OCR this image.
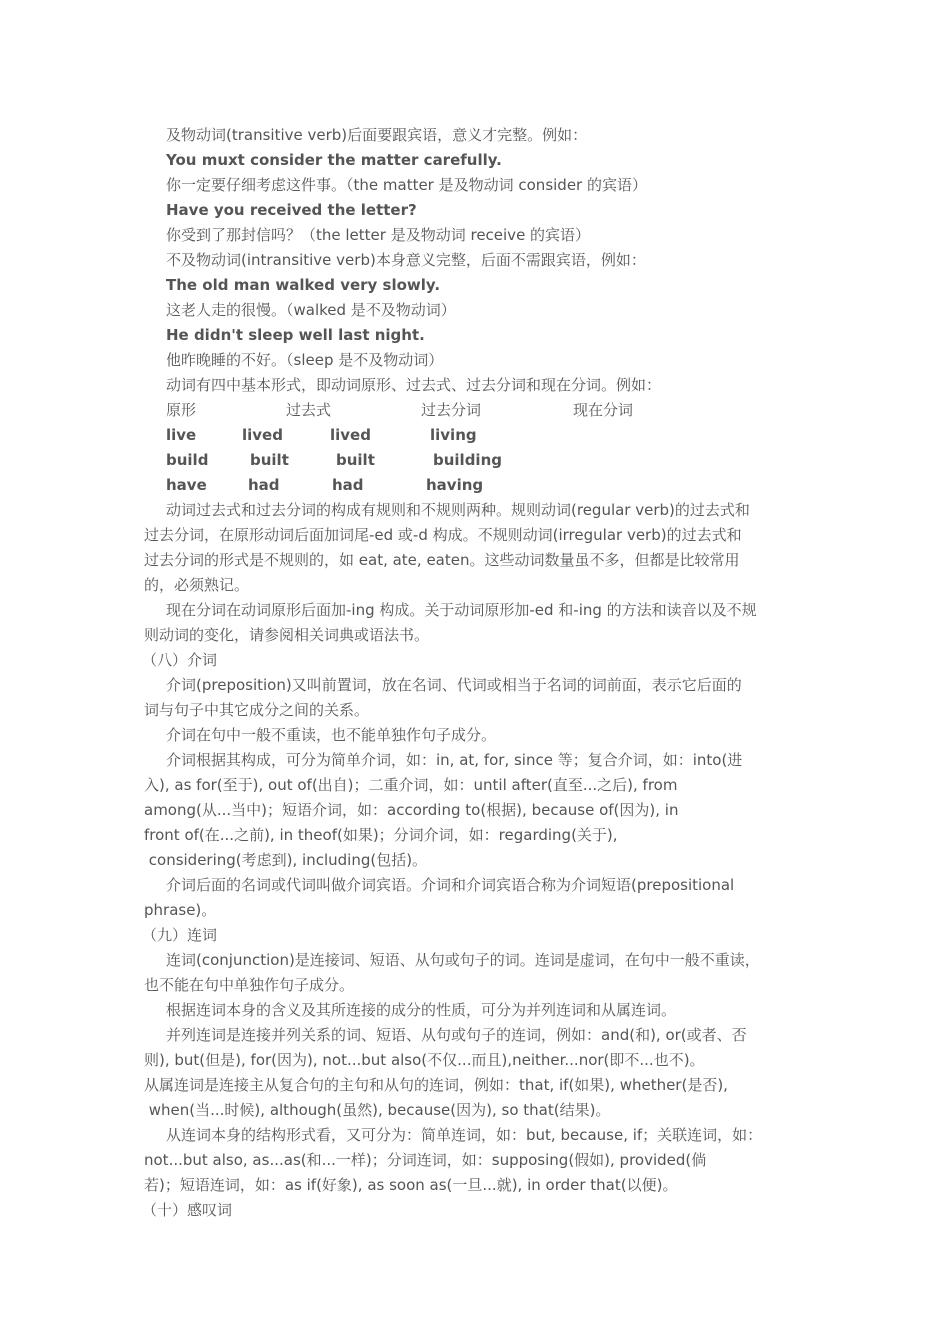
及物动词(transitive verb)后面要跟宾语，意义才完整。例如：
You muxt consider the matter carefully.
你一定要仔细考虑这件事。（the matter 是及物动词 consider 的宾语）
Have you received the letter?
你受到了那封信吗？（the letter 是及物动词 receive 的宾语）
不及物动词(intransitive verb)本身意义完整，后面不需跟宾语，例如：
The old man walked very slowly.
这老人走的很慢。（walked 是不及物动词）
He didn't sleep well last night.
他昨晚睡的不好。（sleep 是不及物动词）
动词有四中基本形式，即动词原形、过去式、过去分词和现在分词。例如：
原形	过去式	过去分词	现在分词
live	lived	lived	living
build	built	built	building
have	had	had	having
动词过去式和过去分词的构成有规则和不规则两种。规则动词(regular verb)的过去式和
过去分词，在原形动词后面加词尾-ed 或-d 构成。不规则动词(irregular verb)的过去式和
过去分词的形式是不规则的，如 eat, ate, eaten。这些动词数量虽不多，但都是比较常用
的，必须熟记。
现在分词在动词原形后面加-ing 构成。关于动词原形加-ed 和-ing 的方法和读音以及不规
则动词的变化，请参阅相关词典或语法书。
（八）介词
介词(preposition)又叫前置词，放在名词、代词或相当于名词的词前面，表示它后面的
词与句子中其它成分之间的关系。
介词在句中一般不重读，也不能单独作句子成分。
介词根据其构成，可分为简单介词，如：in, at, for, since 等；复合介词，如：into(进
入), as for(至于), out of(出自)；二重介词，如：until after(直至...之后), from
among(从...当中)；短语介词，如：according to(根据), because of(因为), in
front of(在...之前), in theof(如果)；分词介词，如：regarding(关于),
considering(考虑到), including(包括)。
介词后面的名词或代词叫做介词宾语。介词和介词宾语合称为介词短语(prepositional
phrase)。
（九）连词
连词(conjunction)是连接词、短语、从句或句子的词。连词是虚词，在句中一般不重读，
也不能在句中单独作句子成分。
根据连词本身的含义及其所连接的成分的性质，可分为并列连词和从属连词。
并列连词是连接并列关系的词、短语、从句或句子的连词，例如：and(和), or(或者、否
则), but(但是), for(因为), not...but also(不仅...而且),neither...nor(即不...也不)。
从属连词是连接主从复合句的主句和从句的连词，例如：that, if(如果), whether(是否),
when(当...时候), although(虽然), because(因为), so that(结果)。
从连词本身的结构形式看，又可分为：简单连词，如：but, because, if；关联连词，如：
not...but also, as...as(和...一样)；分词连词，如：supposing(假如), provided(倘
若)；短语连词，如：as if(好象), as soon as(一旦...就), in order that(以便)。
（十）感叹词
